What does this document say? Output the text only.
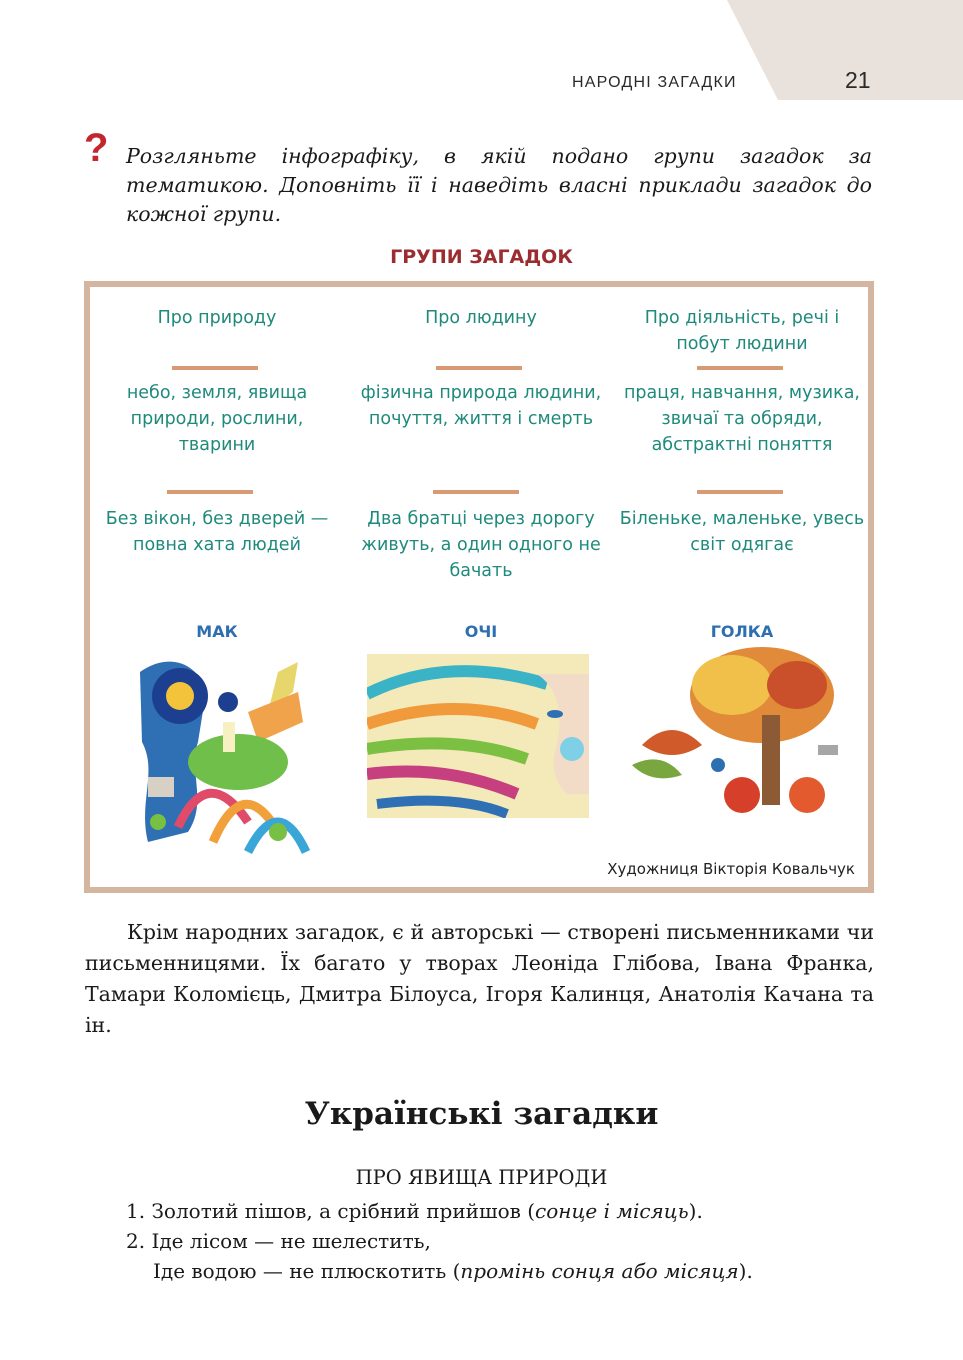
НАРОДНІ ЗАГАДКИ	21
? Розгляньте інфографіку, в якій подано групи загадок за тематикою. Доповніть її і наведіть власні приклади загадок до кожної групи.
ГРУПИ ЗАГАДОК
Про природу
небо, земля, явища природи, рослини, тварини
Без вікон, без дверей — повна хата людей
МАК
Про людину
фізична природа людини, почуття, життя і смерть
Два братці через дорогу живуть, а один одного не бачать
ОЧІ
Про діяльність, речі і побут людини
праця, навчання, музика, звичаї та обряди, абстрактні поняття
Біленьке, маленьке, увесь світ одягає
ГОЛКА
Художниця Вікторія Ковальчук
Крім народних загадок, є й авторські — створені письменниками чи письменницями. Їх багато у творах Леоніда Глібова, Івана Франка, Тамари Коломієць, Дмитра Білоуса, Ігоря Калинця, Анатолія Качана та ін.
Українські загадки
ПРО ЯВИЩА ПРИРОДИ
1. Золотий пішов, а срібний прийшов (сонце і місяць).
2. Іде лісом — не шелестить,
Іде водою — не плюскотить (промінь сонця або місяця).
